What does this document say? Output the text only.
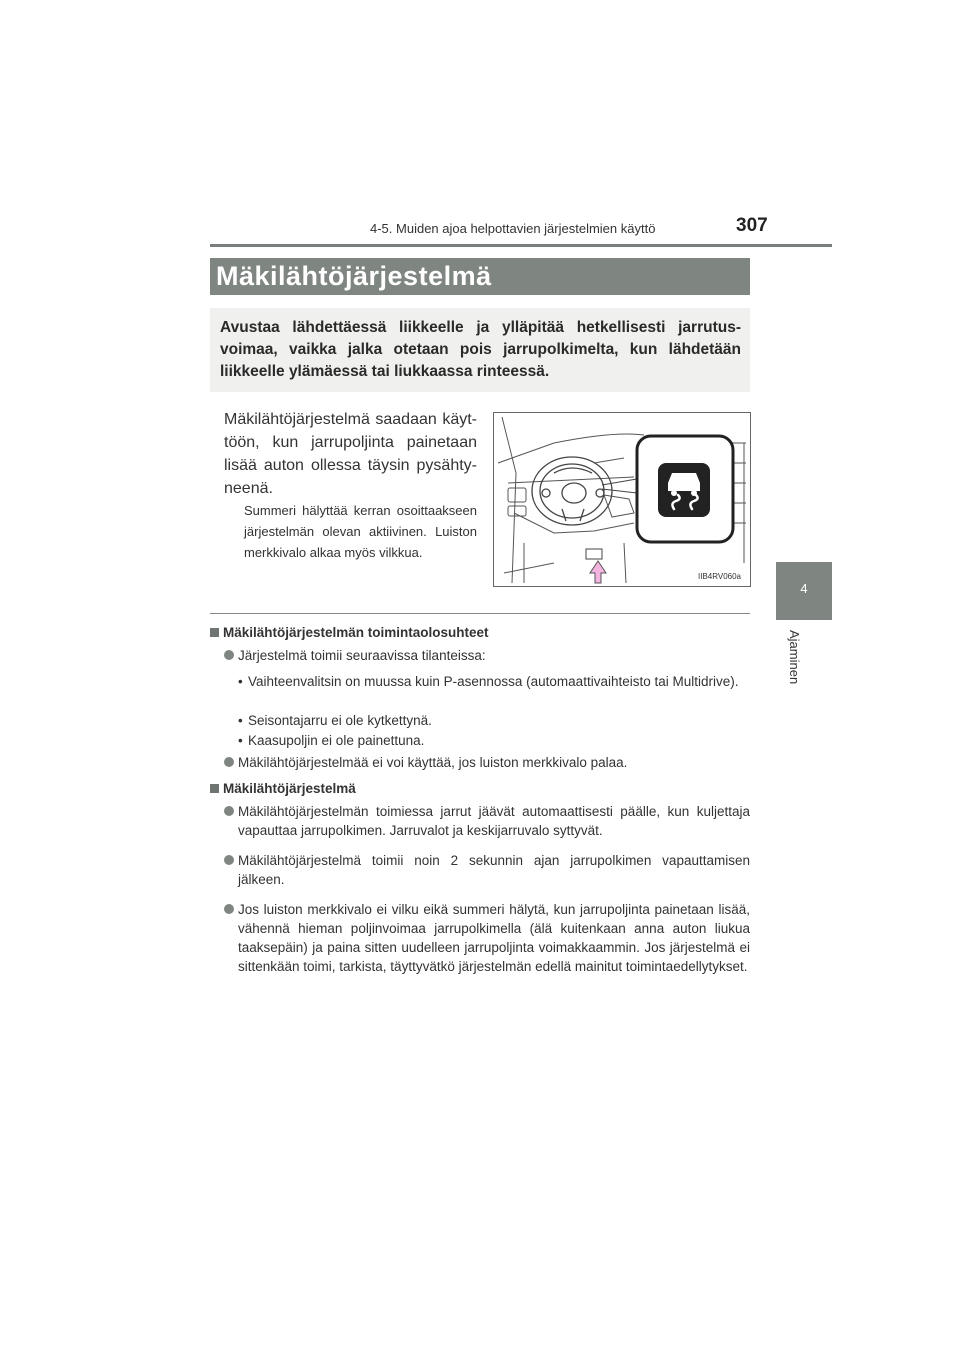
4-5. Muiden ajoa helpottavien järjestelmien käyttö	307
4
Ajaminen
Mäkilähtöjärjestelmä
Avustaa lähdettäessä liikkeelle ja ylläpitää hetkellisesti jarrutusvoimaa, vaikka jalka otetaan pois jarrupolkimelta, kun lähdetään liikkeelle ylämäessä tai liukkaassa rinteessä.
Mäkilähtöjärjestelmä saadaan käyttöön, kun jarrupoljinta painetaan lisää auton ollessa täysin pysähtyneenä.
Summeri hälyttää kerran osoittaakseen järjestelmän olevan aktiivinen. Luiston merkkivalo alkaa myös vilkkua.
IIB4RV060a
Mäkilähtöjärjestelmän toimintaolosuhteet
Järjestelmä toimii seuraavissa tilanteissa:
• Vaihteenvalitsin on muussa kuin P-asennossa (automaattivaihteisto tai Multidrive).
• Seisontajarru ei ole kytkettynä.
• Kaasupoljin ei ole painettuna.
Mäkilähtöjärjestelmää ei voi käyttää, jos luiston merkkivalo palaa.
Mäkilähtöjärjestelmä
Mäkilähtöjärjestelmän toimiessa jarrut jäävät automaattisesti päälle, kun kuljettaja vapauttaa jarrupolkimen. Jarruvalot ja keskijarruvalo syttyvät.
Mäkilähtöjärjestelmä toimii noin 2 sekunnin ajan jarrupolkimen vapauttamisen jälkeen.
Jos luiston merkkivalo ei vilku eikä summeri hälytä, kun jarrupoljinta painetaan lisää, vähennä hieman poljinvoimaa jarrupolkimella (älä kuitenkaan anna auton liukua taaksepäin) ja paina sitten uudelleen jarrupoljinta voimakkaammin. Jos järjestelmä ei sittenkään toimi, tarkista, täyttyvätkö järjestelmän edellä mainitut toimintaedellytykset.
